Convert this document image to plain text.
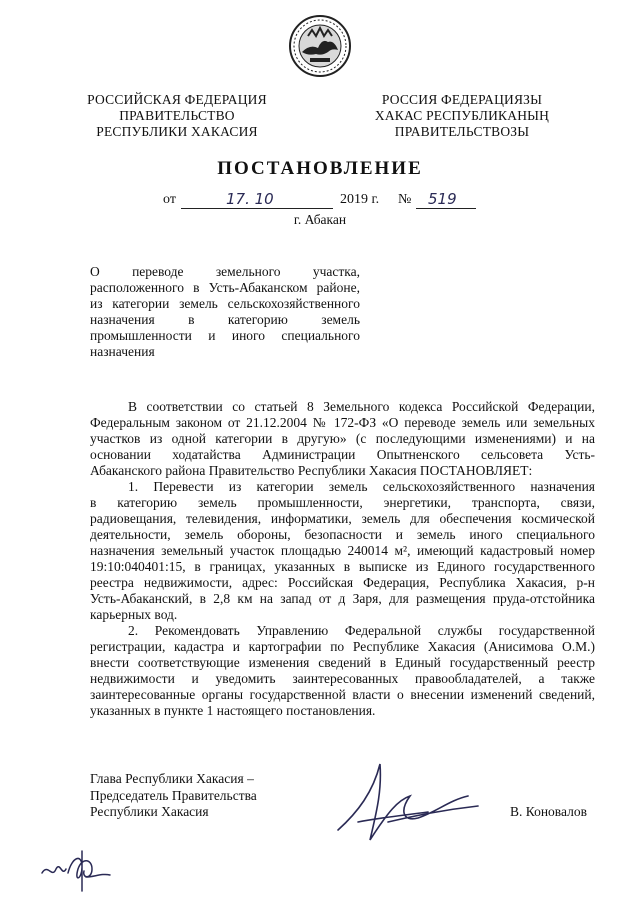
РОССИЙСКАЯ ФЕДЕРАЦИЯ
ПРАВИТЕЛЬСТВО
РЕСПУБЛИКИ ХАКАСИЯ
РОССИЯ ФЕДЕРАЦИЯЗЫ
ХАКАС РЕСПУБЛИКАНЫҢ
ПРАВИТЕЛЬСТВОЗЫ
ПОСТАНОВЛЕНИЕ
от	17. 10	2019 г. № 519
г. Абакан
О переводе земельного участка,
расположенного в Усть-Абаканском районе,
из категории земель сельскохозяйственного
назначения в категорию земель
промышленности и иного специального
назначения
В соответствии со статьей 8 Земельного кодекса Российской Федерации,
Федеральным законом от 21.12.2004 № 172-ФЗ «О переводе земель или земельных
участков из одной категории в другую» (с последующими изменениями) и на
основании ходатайства Администрации Опытненского сельсовета Усть-
Абаканского района Правительство Республики Хакасия ПОСТАНОВЛЯЕТ:
1. Перевести из категории земель сельскохозяйственного назначения
в категорию земель промышленности, энергетики, транспорта, связи,
радиовещания, телевидения, информатики, земель для обеспечения космической
деятельности, земель обороны, безопасности и земель иного специального
назначения земельный участок площадью 240014 м², имеющий кадастровый номер
19:10:040401:15, в границах, указанных в выписке из Единого государственного
реестра недвижимости, адрес: Российская Федерация, Республика Хакасия, р-н
Усть-Абаканский, в 2,8 км на запад от д Заря, для размещения пруда-отстойника
карьерных вод.
2. Рекомендовать Управлению Федеральной службы государственной
регистрации, кадастра и картографии по Республике Хакасия (Анисимова О.М.)
внести соответствующие изменения сведений в Единый государственный реестр
недвижимости и уведомить заинтересованных правообладателей, а также
заинтересованные органы государственной власти о внесении изменений сведений,
указанных в пункте 1 настоящего постановления.
Глава Республики Хакасия –
Председатель Правительства
Республики Хакасия	В. Коновалов
